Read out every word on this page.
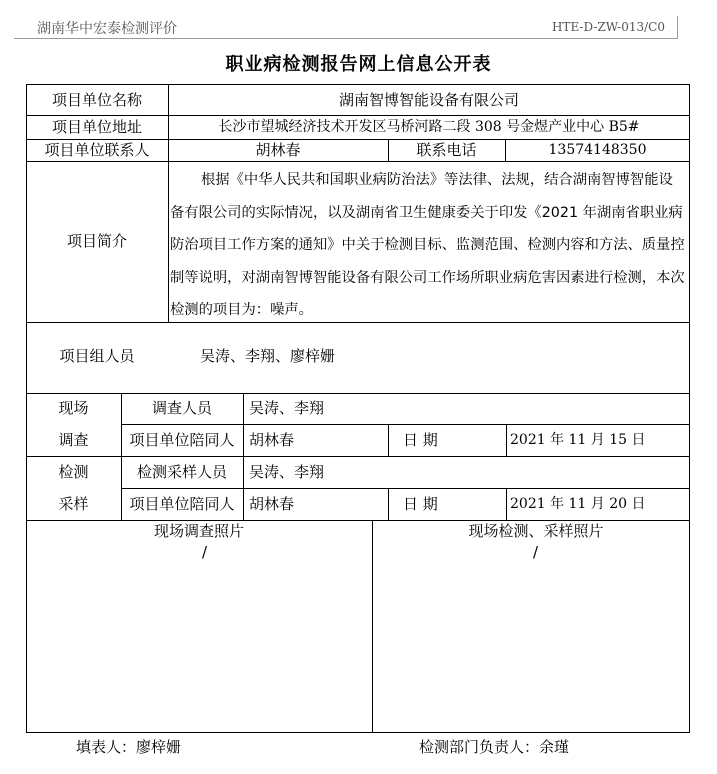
湖南华中宏泰检测评价	HTE-D-ZW-013/C0
职业病检测报告网上信息公开表
项目单位名称	湖南智博智能设备有限公司
项目单位地址	长沙市望城经济技术开发区马桥河路二段 308 号金煜产业中心 B5#
项目单位联系人	胡林春	联系电话	13574148350
项目简介
根据《中华人民共和国职业病防治法》等法律、法规，结合湖南智博智能设备有限公司的实际情况，以及湖南省卫生健康委关于印发《2021 年湖南省职业病防治项目工作方案的通知》中关于检测目标、监测范围、检测内容和方法、质量控制等说明，对湖南智博智能设备有限公司工作场所职业病危害因素进行检测，本次检测的项目为：噪声。
项目组人员	吴涛、李翔、廖梓姗
现场
调查
调查人员	吴涛、李翔
项目单位陪同人 胡林春	日 期	2021 年 11 月 15 日
检测
采样
检测采样人员	吴涛、李翔
项目单位陪同人 胡林春	日 期	2021 年 11 月 20 日
现场调查照片
/
现场检测、采样照片
/
填表人：廖梓姗	检测部门负责人：余瑾
